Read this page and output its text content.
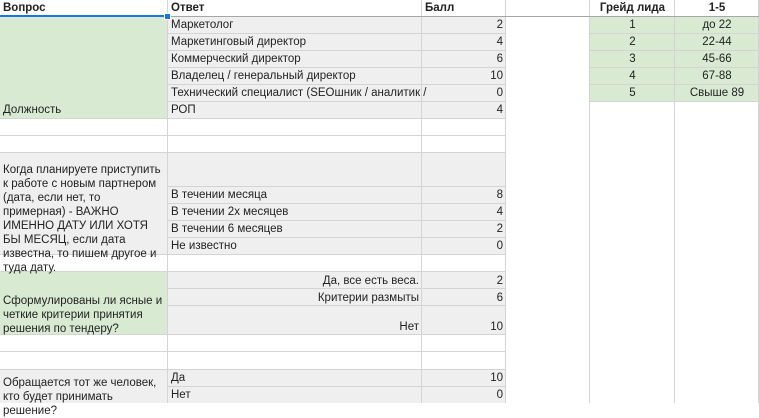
Вопрос	Ответ	Балл	Грейд лида	1-5
Должность
Маркетолог	2
Маркетинговый директор	4
Коммерческий директор	6
Владелец / генеральный директор	10
Технический специалист (SEOшник / аналитик /	0
РОП	4
1	до 22
2	22-44
3	45-66
4	67-88
5	Свыше 89
Когда планируете приступить к работе с новым партнером (дата, если нет, то примерная) - ВАЖНО ИМЕННО ДАТУ ИЛИ ХОТЯ БЫ МЕСЯЦ, если дата известна, то пишем другое и туда дату.
В течении месяца	8
В течении 2х месяцев	4
В течении 6 месяцев	2
Не известно	0
Сформулированы ли ясные и четкие критерии принятия решения по тендеру?
Да, все есть веса.	2
Критерии размыты	6
Нет	10
Обращается тот же человек, кто будет принимать решение?
Да	10
Нет	0
